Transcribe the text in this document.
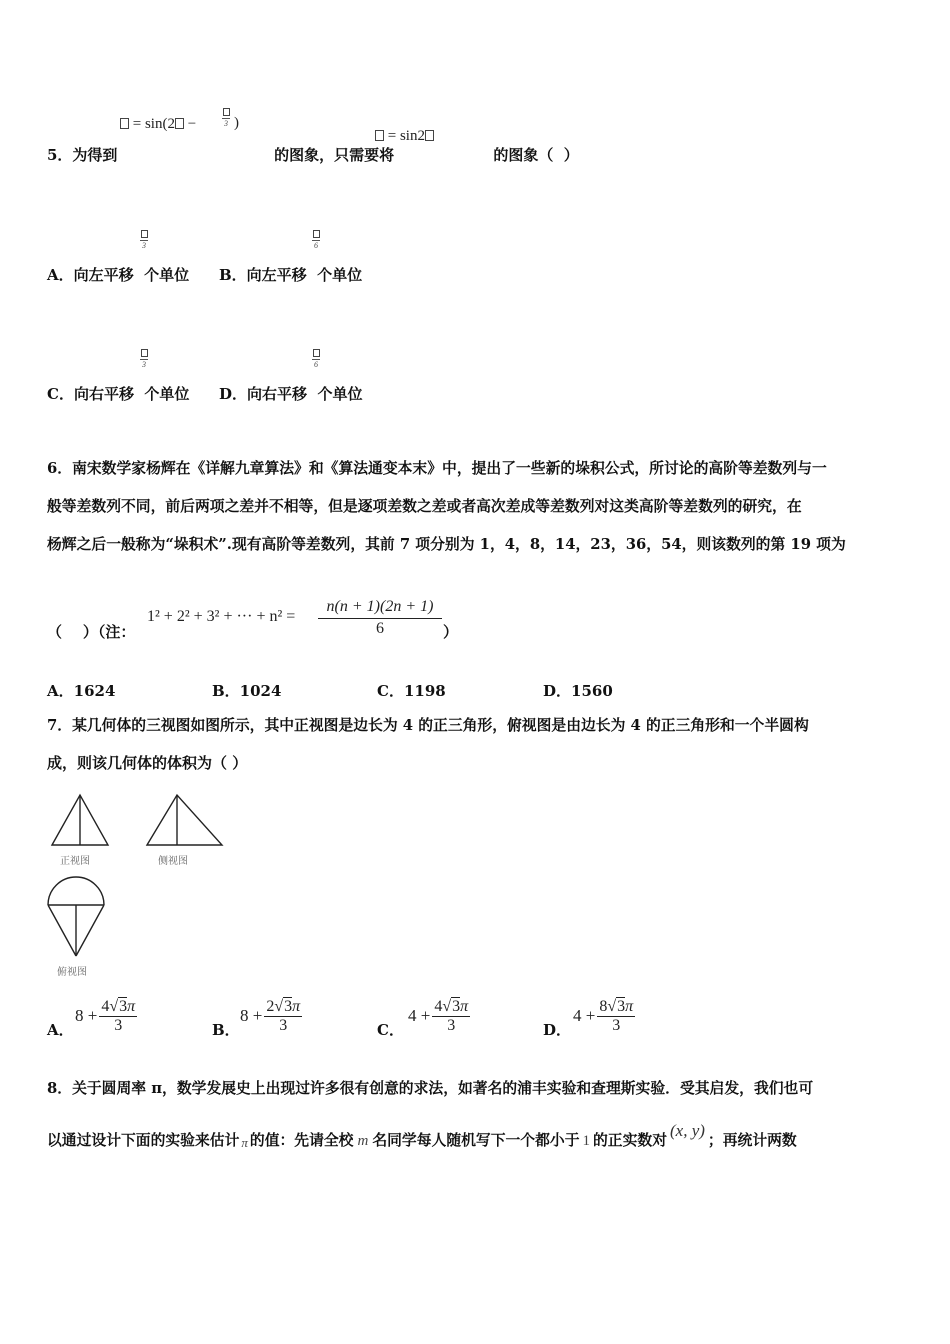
= sin(2 −	3 )
= sin2
5．为得到                              的图象，只需要将                   的图象（  ）
3	6
A．向左平移  个单位 B．向左平移  个单位
3	6
C．向右平移  个单位 D．向右平移  个单位
6．南宋数学家杨辉在《详解九章算法》和《算法通变本末》中，提出了一些新的垛积公式，所讨论的高阶等差数列与一
般等差数列不同，前后两项之差并不相等，但是逐项差数之差或者高次差成等差数列对这类高阶等差数列的研究，在
杨辉之后一般称为“垛积术”.现有高阶等差数列，其前 7 项分别为 1，4，8，14，23，36，54，则该数列的第 19 项为
（    ）（注：
1² + 2² + 3² + ··· + $n^2 = \frac{n(n + 1)(2n + 1)}{6}$ ）
A．1624	B．1024	C．1198	D．1560
7．某几何体的三视图如图所示，其中正视图是边长为 4 的正三角形，俯视图是由边长为 4 的正三角形和一个半圆构
成，则该几何体的体积为（ ）
正视图	侧视图
俯视图
A．
$8 + \frac{4√3\pi}{3}$	B．
$8 + \frac{2√3\pi}{3}$	C．
$4 + \frac{4√3\pi}{3}$	D．
$4 + \frac{8√3\pi}{3}$
8．关于圆周率 π，数学发展史上出现过许多很有创意的求法，如著名的浦丰实验和查理斯实验．受其启发，我们也可
以通过设计下面的实验来估计 π 的值：先请全校 m 名同学每人随机写下一个都小于 1 的正实数对
(x, y)
；再统计两数
